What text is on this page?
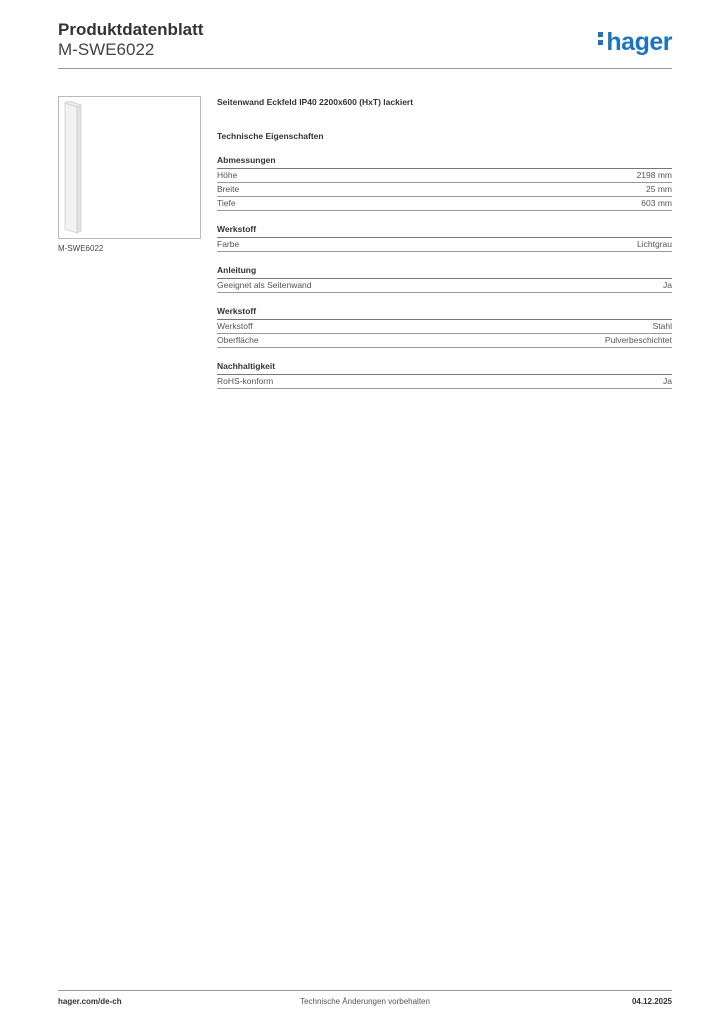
Produktdatenblatt
M-SWE6022	hager
M-SWE6022
Seitenwand Eckfeld IP40 2200x600 (HxT) lackiert
Technische Eigenschaften
Abmessungen
Höhe	2198 mm
Breite	25 mm
Tiefe	603 mm
Werkstoff
Farbe	Lichtgrau
Anleitung
Geeignet als Seitenwand	Ja
Werkstoff
Werkstoff	Stahl
Oberfläche	Pulverbeschichtet
Nachhaltigkeit
RoHS-konform	Ja
hager.com/de-ch	Technische Änderungen vorbehalten	04.12.2025
